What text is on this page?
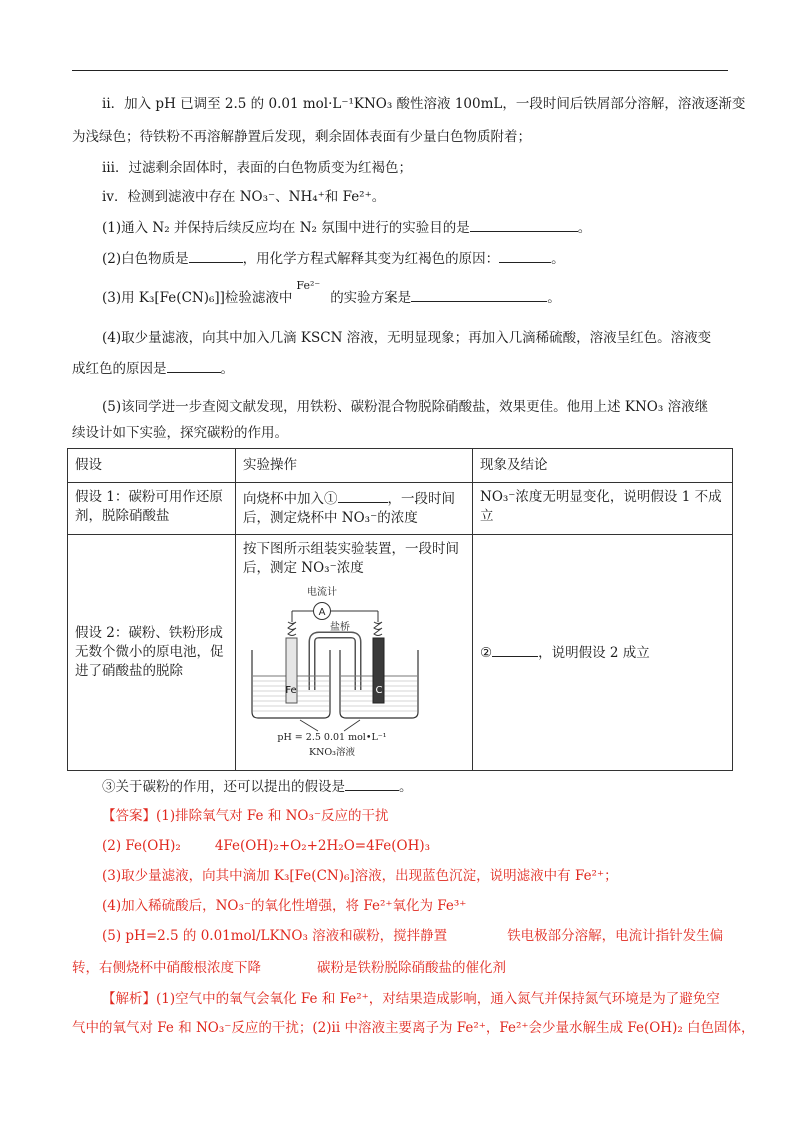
ⅱ．加入 pH 已调至 2.5 的 0.01 mol·L⁻¹KNO₃ 酸性溶液 100mL，一段时间后铁屑部分溶解，溶液逐渐变
为浅绿色；待铁粉不再溶解静置后发现，剩余固体表面有少量白色物质附着；
ⅲ．过滤剩余固体时，表面的白色物质变为红褐色；
ⅳ．检测到滤液中存在 NO₃⁻、NH₄⁺和 Fe²⁺。
(1)通入 N₂ 并保持后续反应均在 N₂ 氛围中进行的实验目的是	。
(2)白色物质是	，用化学方程式解释其变为红褐色的原因：	。
(3)用 K₃[Fe(CN)₆]]检验滤液中Fe²⁻的实验方案是	。
(4)取少量滤液，向其中加入几滴 KSCN 溶液，无明显现象；再加入几滴稀硫酸，溶液呈红色。溶液变
成红色的原因是	。
(5)该同学进一步查阅文献发现，用铁粉、碳粉混合物脱除硝酸盐，效果更佳。他用上述 KNO₃ 溶液继
续设计如下实验，探究碳粉的作用。
假设	实验操作	现象及结论
假设 1：碳粉可用作还原剂，脱除硝酸盐	向烧杯中加入① ，一段时间后，测定烧杯中 NO₃⁻的浓度	NO₃⁻浓度无明显变化，说明假设 1 不成立
假设 2：碳粉、铁粉形成无数个微小的原电池，促进了硝酸盐的脱除	按下图所示组装实验装置，一段时间后，测定 NO₃⁻浓度	② ，说明假设 2 成立
电流计
A
盐桥
Fe	C
pH = 2.5 0.01 mol•L⁻¹
KNO₃溶液
③关于碳粉的作用，还可以提出的假设是	。
【答案】(1)排除氧气对 Fe 和 NO₃⁻反应的干扰
(2) Fe(OH)₂	4Fe(OH)₂+O₂+2H₂O=4Fe(OH)₃
(3)取少量滤液，向其中滴加 K₃[Fe(CN)₆]溶液，出现蓝色沉淀，说明滤液中有 Fe²⁺；
(4)加入稀硫酸后，NO₃⁻的氧化性增强，将 Fe²⁺氧化为 Fe³⁺
(5) pH=2.5 的 0.01mol/LKNO₃ 溶液和碳粉，搅拌静置	铁电极部分溶解，电流计指针发生偏
转，右侧烧杯中硝酸根浓度下降	碳粉是铁粉脱除硝酸盐的催化剂
【解析】(1)空气中的氧气会氧化 Fe 和 Fe²⁺，对结果造成影响，通入氮气并保持氮气环境是为了避免空
气中的氧气对 Fe 和 NO₃⁻反应的干扰；(2)ii 中溶液主要离子为 Fe²⁺，Fe²⁺会少量水解生成 Fe(OH)₂ 白色固体，
